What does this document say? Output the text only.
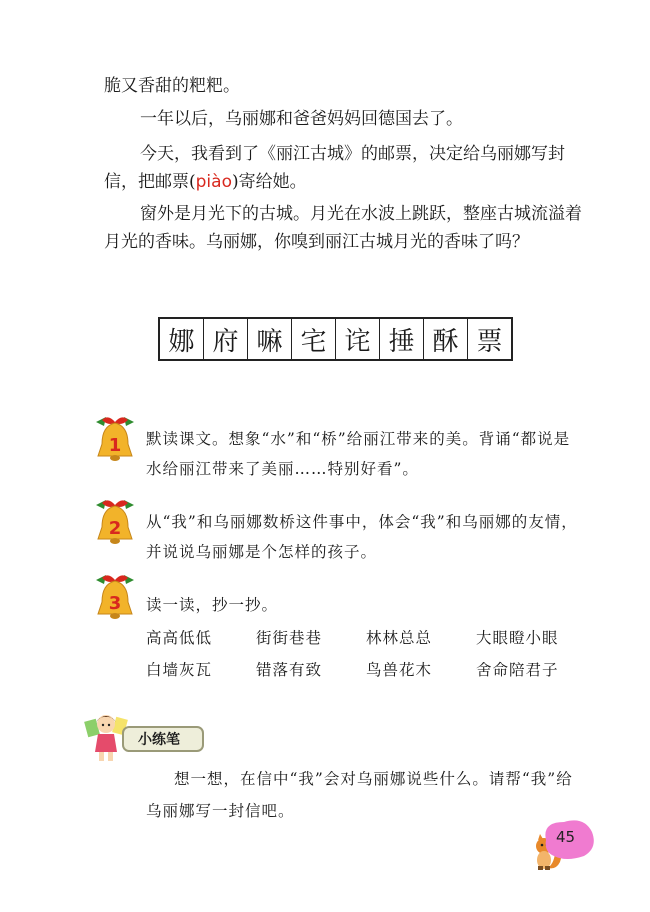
脆又香甜的粑粑。

一年以后，乌丽娜和爸爸妈妈回德国去了。

今天，我看到了《丽江古城》的邮票，决定给乌丽娜写封信，把邮票(piào)寄给她。

窗外是月光下的古城。月光在水波上跳跃，整座古城流溢着月光的香味。乌丽娜，你嗅到丽江古城月光的香味了吗？

娜 府 嘛 宅 诧 捶 酥 票
1 默读课文。想象“水”和“桥”给丽江带来的美。背诵“都说是水给丽江带来了美丽……特别好看”。

2 从“我”和乌丽娜数桥这件事中，体会“我”和乌丽娜的友情，并说说乌丽娜是个怎样的孩子。

3 读一读，抄一抄。

高高低低	街街巷巷	林林总总	大眼瞪小眼
白墙灰瓦	错落有致	鸟兽花木	舍命陪君子
小练笔

想一想，在信中“我”会对乌丽娜说些什么。请帮“我”给乌丽娜写一封信吧。

45
